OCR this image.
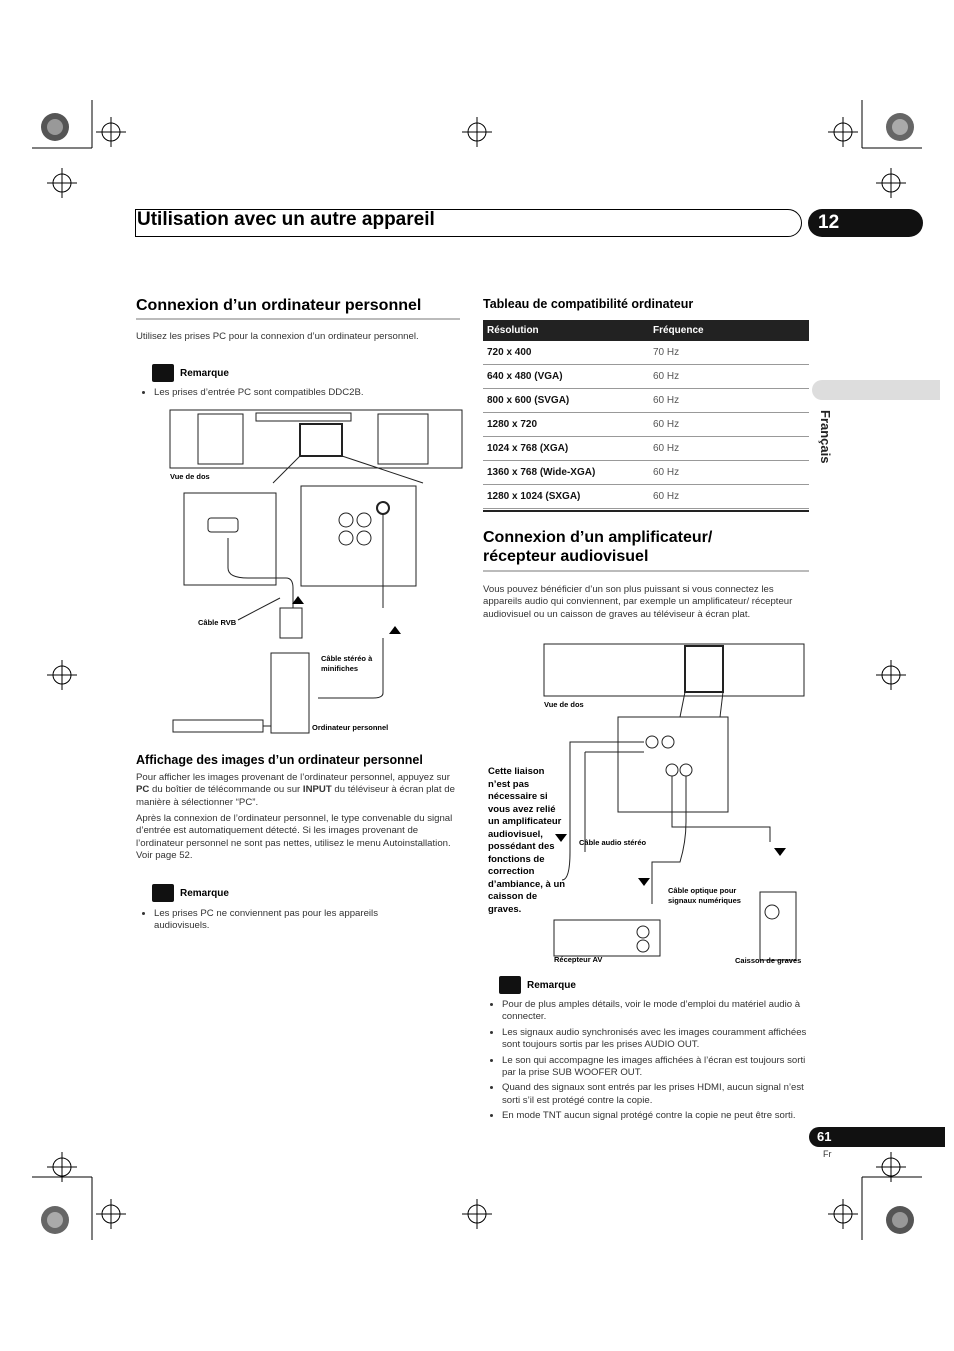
Utilisation avec un autre appareil	12
Français
Connexion d’un ordinateur personnel
Utilisez les prises PC pour la connexion d’un ordinateur personnel.
Remarque
• Les prises d’entrée PC sont compatibles DDC2B.
Vue de dos
Câble RVB
Câble stéréo à minifiches
Ordinateur personnel
Affichage des images d’un ordinateur personnel
Pour afficher les images provenant de l’ordinateur personnel, appuyez sur PC du boîtier de télécommande ou sur INPUT du téléviseur à écran plat de manière à sélectionner “PC”.
Après la connexion de l’ordinateur personnel, le type convenable du signal d’entrée est automatiquement détecté. Si les images provenant de l’ordinateur personnel ne sont pas nettes, utilisez le menu Autoinstallation. Voir page 52.
Remarque
• Les prises PC ne conviennent pas pour les appareils audiovisuels.
Tableau de compatibilité ordinateur
Résolution	Fréquence
720 x 400	70 Hz
640 x 480 (VGA)	60 Hz
800 x 600 (SVGA)	60 Hz
1280 x 720	60 Hz
1024 x 768 (XGA)	60 Hz
1360 x 768 (Wide-XGA)	60 Hz
1280 x 1024 (SXGA)	60 Hz
Connexion d’un amplificateur/
récepteur audiovisuel
Vous pouvez bénéficier d’un son plus puissant si vous connectez les appareils audio qui conviennent, par exemple un amplificateur/ récepteur audiovisuel ou un caisson de graves au téléviseur à écran plat.
Vue de dos
Cette liaison n’est pas nécessaire si vous avez relié un amplificateur audiovisuel, possédant des fonctions de correction d’ambiance, à un caisson de graves.
Câble audio stéréo
Câble optique pour signaux numériques
Récepteur AV	Caisson de graves
Remarque
• Pour de plus amples détails, voir le mode d’emploi du matériel audio à connecter.
• Les signaux audio synchronisés avec les images couramment affichées sont toujours sortis par les prises AUDIO OUT.
• Le son qui accompagne les images affichées à l’écran est toujours sorti par la prise SUB WOOFER OUT.
• Quand des signaux sont entrés par les prises HDMI, aucun signal n’est sorti s’il est protégé contre la copie.
• En mode TNT aucun signal protégé contre la copie ne peut être sorti.
61
Fr
